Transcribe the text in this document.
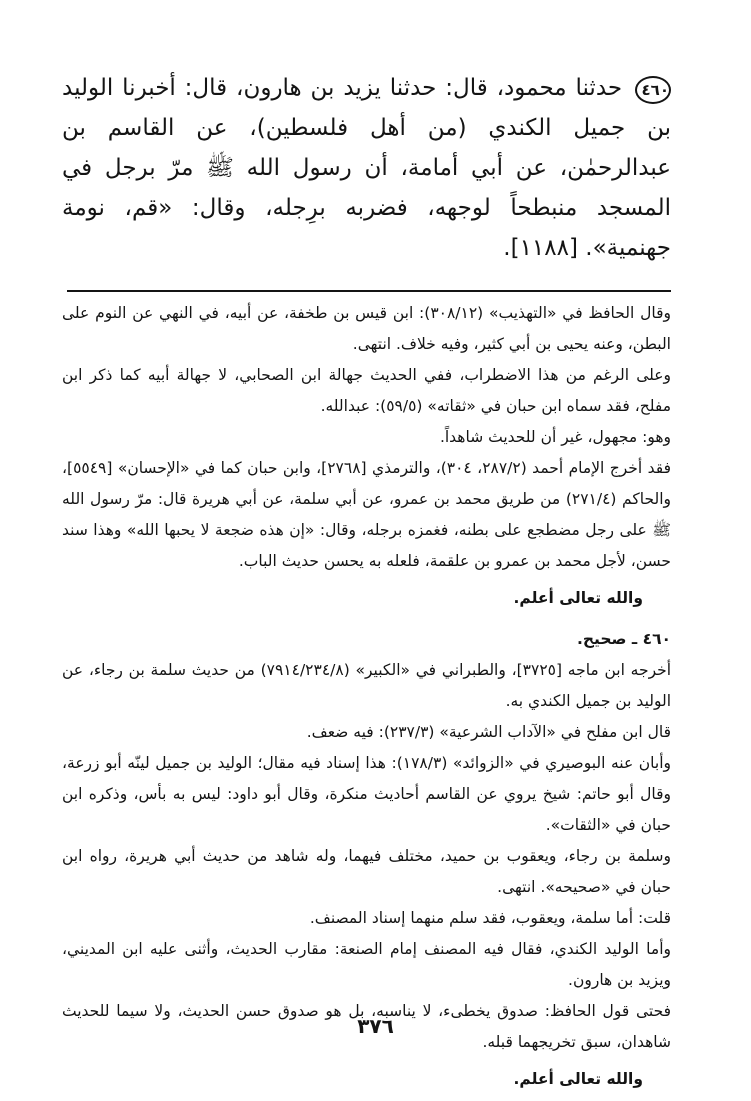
٤٦٠ حدثنا محمود، قال: حدثنا يزيد بن هارون، قال: أخبرنا الوليد بن جميل الكندي (من أهل فلسطين)، عن القاسم بن عبدالرحمٰن، عن أبي أمامة، أن رسول الله ﷺ مرّ برجل في المسجد منبطحاً لوجهه، فضربه برِجله، وقال: «قم، نومة جهنمية». [١١٨٨].

وقال الحافظ في «التهذيب» (٣٠٨/١٢): ابن قيس بن طخفة، عن أبيه، في النهي عن النوم على البطن، وعنه يحيى بن أبي كثير، وفيه خلاف. انتهى.

وعلى الرغم من هذا الاضطراب، ففي الحديث جهالة ابن الصحابي، لا جهالة أبيه كما ذكر ابن مفلح، فقد سماه ابن حبان في «ثقاته» (٥٩/٥): عبدالله.

وهو: مجهول، غير أن للحديث شاهداً.

فقد أخرج الإمام أحمد (٢٨٧/٢، ٣٠٤)، والترمذي [٢٧٦٨]، وابن حبان كما في «الإحسان» [٥٥٤٩]، والحاكم (٢٧١/٤) من طريق محمد بن عمرو، عن أبي سلمة، عن أبي هريرة قال: مرّ رسول الله ﷺ على رجل مضطجع على بطنه، فغمزه برجله، وقال: «إن هذه ضجعة لا يحبها الله» وهذا سند حسن، لأجل محمد بن عمرو بن علقمة، فلعله به يحسن حديث الباب.

والله تعالى أعلم.

٤٦٠ ـ صحيح.

أخرجه ابن ماجه [٣٧٢٥]، والطبراني في «الكبير» (٧٩١٤/٢٣٤/٨) من حديث سلمة بن رجاء، عن الوليد بن جميل الكندي به.

قال ابن مفلح في «الآداب الشرعية» (٢٣٧/٣): فيه ضعف.

وأبان عنه البوصيري في «الزوائد» (١٧٨/٣): هذا إسناد فيه مقال؛ الوليد بن جميل لينّه أبو زرعة، وقال أبو حاتم: شيخ يروي عن القاسم أحاديث منكرة، وقال أبو داود: ليس به بأس، وذكره ابن حبان في «الثقات».

وسلمة بن رجاء، ويعقوب بن حميد، مختلف فيهما، وله شاهد من حديث أبي هريرة، رواه ابن حبان في «صحيحه». انتهى.

قلت: أما سلمة، ويعقوب، فقد سلم منهما إسناد المصنف.

وأما الوليد الكندي، فقال فيه المصنف إمام الصنعة: مقارب الحديث، وأثنى عليه ابن المديني، ويزيد بن هارون.

فحتى قول الحافظ: صدوق يخطىء، لا يناسبه، بل هو صدوق حسن الحديث، ولا سيما للحديث شاهدان، سبق تخريجهما قبله.

والله تعالى أعلم.

٣٧٦
